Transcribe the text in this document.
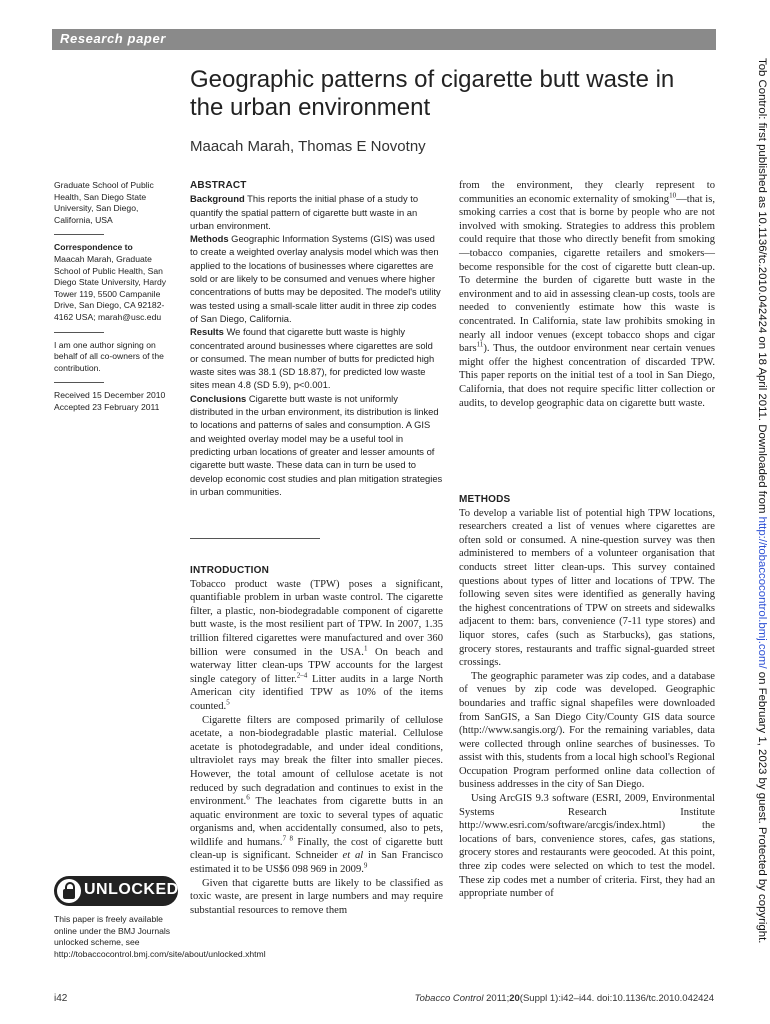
Research paper
Tob Control: first published as 10.1136/tc.2010.042424 on 18 April 2011. Downloaded from http://tobaccocontrol.bmj.com/ on February 1, 2023 by guest. Protected by copyright.
Geographic patterns of cigarette butt waste in the urban environment
Maacah Marah, Thomas E Novotny

Graduate School of Public Health, San Diego State University, San Diego, California, USA

Correspondence to

Maacah Marah, Graduate School of Public Health, San Diego State University, Hardy Tower 119, 5500 Campanile Drive, San Diego, CA 92182-4162 USA; marah@usc.edu

I am one author signing on behalf of all co-owners of the contribution.

Received 15 December 2010

Accepted 23 February 2011

ABSTRACT

Background This reports the initial phase of a study to quantify the spatial pattern of cigarette butt waste in an urban environment.

Methods Geographic Information Systems (GIS) was used to create a weighted overlay analysis model which was then applied to the locations of businesses where cigarettes are sold or are likely to be consumed and venues where higher concentrations of butts may be deposited. The model's utility was tested using a small-scale litter audit in three zip codes of San Diego, California.

Results We found that cigarette butt waste is highly concentrated around businesses where cigarettes are sold or consumed. The mean number of butts for predicted high waste sites was 38.1 (SD 18.87), for predicted low waste sites mean 4.8 (SD 5.9), p<0.001.

Conclusions Cigarette butt waste is not uniformly distributed in the urban environment, its distribution is linked to locations and patterns of sales and consumption. A GIS and weighted overlay model may be a useful tool in predicting urban locations of greater and lesser amounts of cigarette butt waste. These data can in turn be used to develop economic cost studies and plan mitigation strategies in urban communities.

INTRODUCTION

Tobacco product waste (TPW) poses a significant, quantifiable problem in urban waste control. The cigarette filter, a plastic, non-biodegradable component of cigarette butt waste, is the most resilient part of TPW. In 2007, 1.35 trillion filtered cigarettes were manufactured and over 360 billion were consumed in the USA.$^1$ On beach and waterway litter clean-ups TPW accounts for the largest single category of litter.$^{2-4}$ Litter audits in a large North American city identified TPW as 10% of the items counted.$^5$

Cigarette filters are composed primarily of cellulose acetate, a non-biodegradable plastic material. Cellulose acetate is photodegradable, and under ideal conditions, ultraviolet rays may break the filter into smaller pieces. However, the total amount of cellulose acetate is not reduced by such degradation and continues to exist in the environment.$^6$ The leachates from cigarette butts in an aquatic environment are toxic to several types of aquatic organisms and, when accidentally consumed, also to pets, wildlife and humans.$^{7 8}$ Finally, the cost of cigarette butt clean-up is significant. Schneider et al in San Francisco estimated it to be US$6 098 969 in 2009.$^9$

Given that cigarette butts are likely to be classified as toxic waste, are present in large numbers and may require substantial resources to remove them

from the environment, they clearly represent to communities an economic externality of smoking$^{10}$—that is, smoking carries a cost that is borne by people who are not involved with smoking. Strategies to address this problem could require that those who directly benefit from smoking—tobacco companies, cigarette retailers and smokers—become responsible for the cost of cigarette butt clean-up. To determine the burden of cigarette butt waste in the environment and to aid in assessing clean-up costs, tools are needed to conveniently estimate how this waste is concentrated. In California, state law prohibits smoking in nearly all indoor venues (except tobacco shops and cigar bars$^{11}$). Thus, the outdoor environment near certain venues might offer the highest concentration of discarded TPW. This paper reports on the initial test of a tool in San Diego, California, that does not require specific litter collection or audits, to develop geographic data on cigarette butt waste.

METHODS

To develop a variable list of potential high TPW locations, researchers created a list of venues where cigarettes are often sold or consumed. A nine-question survey was then administered to members of a volunteer organisation that conducts street litter clean-ups. This survey contained questions about types of litter and locations of TPW. The following seven sites were identified as generally having the highest concentrations of TPW on streets and sidewalks adjacent to them: bars, convenience (7-11 type stores) and liquor stores, cafes (such as Starbucks), gas stations, grocery stores, restaurants and traffic signal-guarded street crossings.

The geographic parameter was zip codes, and a database of venues by zip code was developed. Geographic boundaries and traffic signal shapefiles were downloaded from SanGIS, a San Diego City/County GIS data source (http://www.sangis.org/). For the remaining variables, data were collected through online searches of businesses. To assist with this, students from a local high school's Regional Occupation Program performed online data collection of business addresses in the city of San Diego.

Using ArcGIS 9.3 software (ESRI, 2009, Environmental Systems Research Institute http://www.esri.com/software/arcgis/index.html) the locations of bars, convenience stores, cafes, gas stations, grocery stores and restaurants were geocoded. At this point, three zip codes were selected on which to test the model. These zip codes met a number of criteria. First, they had an appropriate number of

UNLOCKED
This paper is freely available online under the BMJ Journals unlocked scheme, see http://tobaccocontrol.bmj.com/site/about/unlocked.xhtml
i42	Tobacco Control 2011;20(Suppl 1):i42–i44. doi:10.1136/tc.2010.042424
